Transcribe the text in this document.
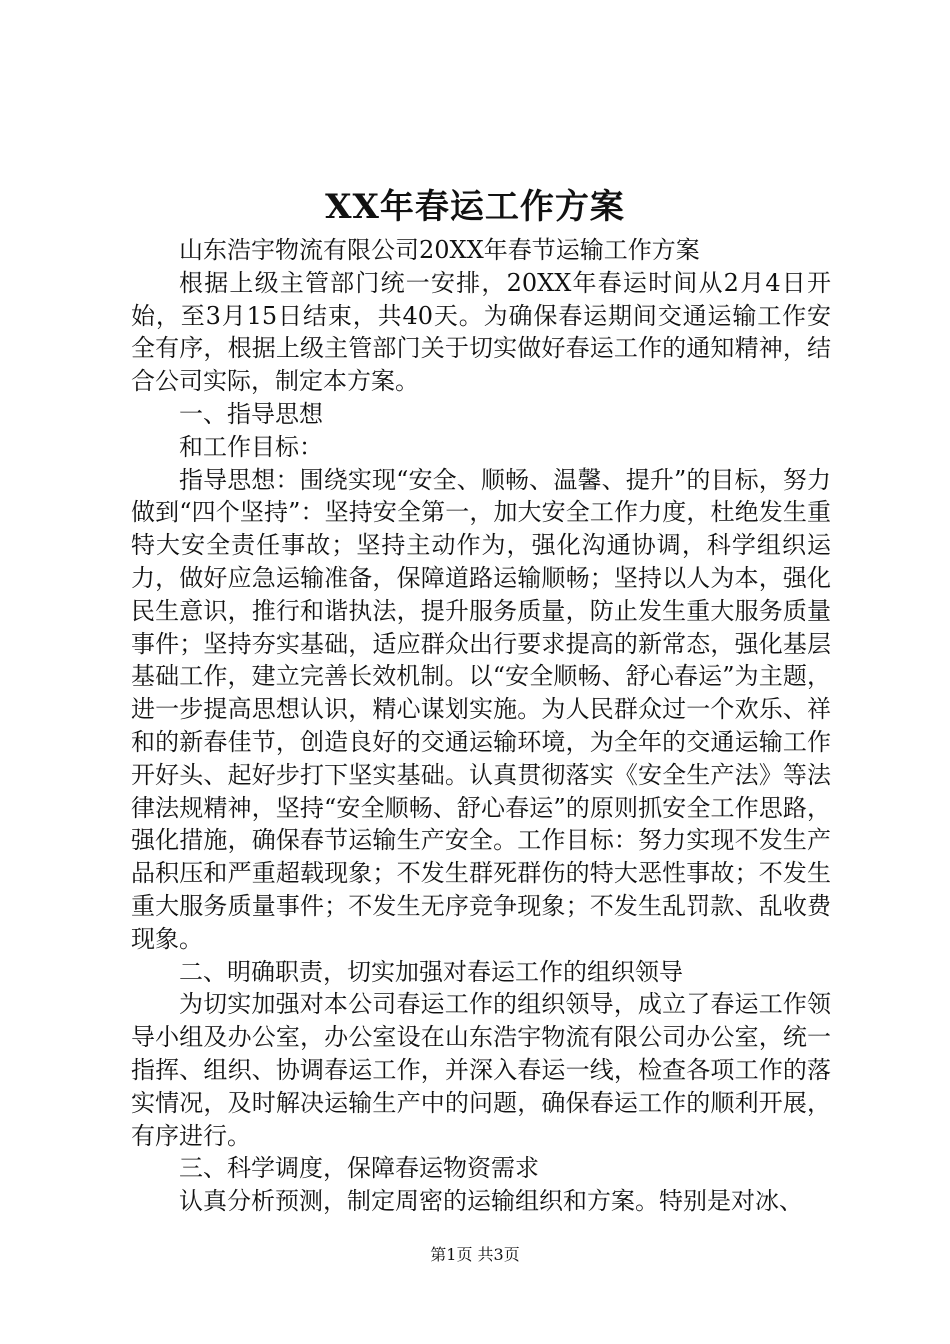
XX年春运工作方案

山东浩宇物流有限公司20XX年春节运输工作方案

根据上级主管部门统一安排，20XX年春运时间从2月4日开始，至3月15日结束，共40天。为确保春运期间交通运输工作安全有序，根据上级主管部门关于切实做好春运工作的通知精神，结合公司实际，制定本方案。

一、指导思想

和工作目标：

指导思想：围绕实现“安全、顺畅、温馨、提升”的目标，努力做到“四个坚持”：坚持安全第一，加大安全工作力度，杜绝发生重特大安全责任事故；坚持主动作为，强化沟通协调，科学组织运力，做好应急运输准备，保障道路运输顺畅；坚持以人为本，强化民生意识，推行和谐执法，提升服务质量，防止发生重大服务质量事件；坚持夯实基础，适应群众出行要求提高的新常态，强化基层基础工作，建立完善长效机制。以“安全顺畅、舒心春运”为主题，进一步提高思想认识，精心谋划实施。为人民群众过一个欢乐、祥和的新春佳节，创造良好的交通运输环境，为全年的交通运输工作开好头、起好步打下坚实基础。认真贯彻落实《安全生产法》等法律法规精神，坚持“安全顺畅、舒心春运”的原则抓安全工作思路，强化措施，确保春节运输生产安全。工作目标：努力实现不发生产品积压和严重超载现象；不发生群死群伤的特大恶性事故；不发生重大服务质量事件；不发生无序竞争现象；不发生乱罚款、乱收费现象。

二、明确职责，切实加强对春运工作的组织领导

为切实加强对本公司春运工作的组织领导，成立了春运工作领导小组及办公室，办公室设在山东浩宇物流有限公司办公室，统一指挥、组织、协调春运工作，并深入春运一线，检查各项工作的落实情况，及时解决运输生产中的问题，确保春运工作的顺利开展，有序进行。

三、科学调度，保障春运物资需求

认真分析预测，制定周密的运输组织和方案。特别是对冰、

第1页 共3页
